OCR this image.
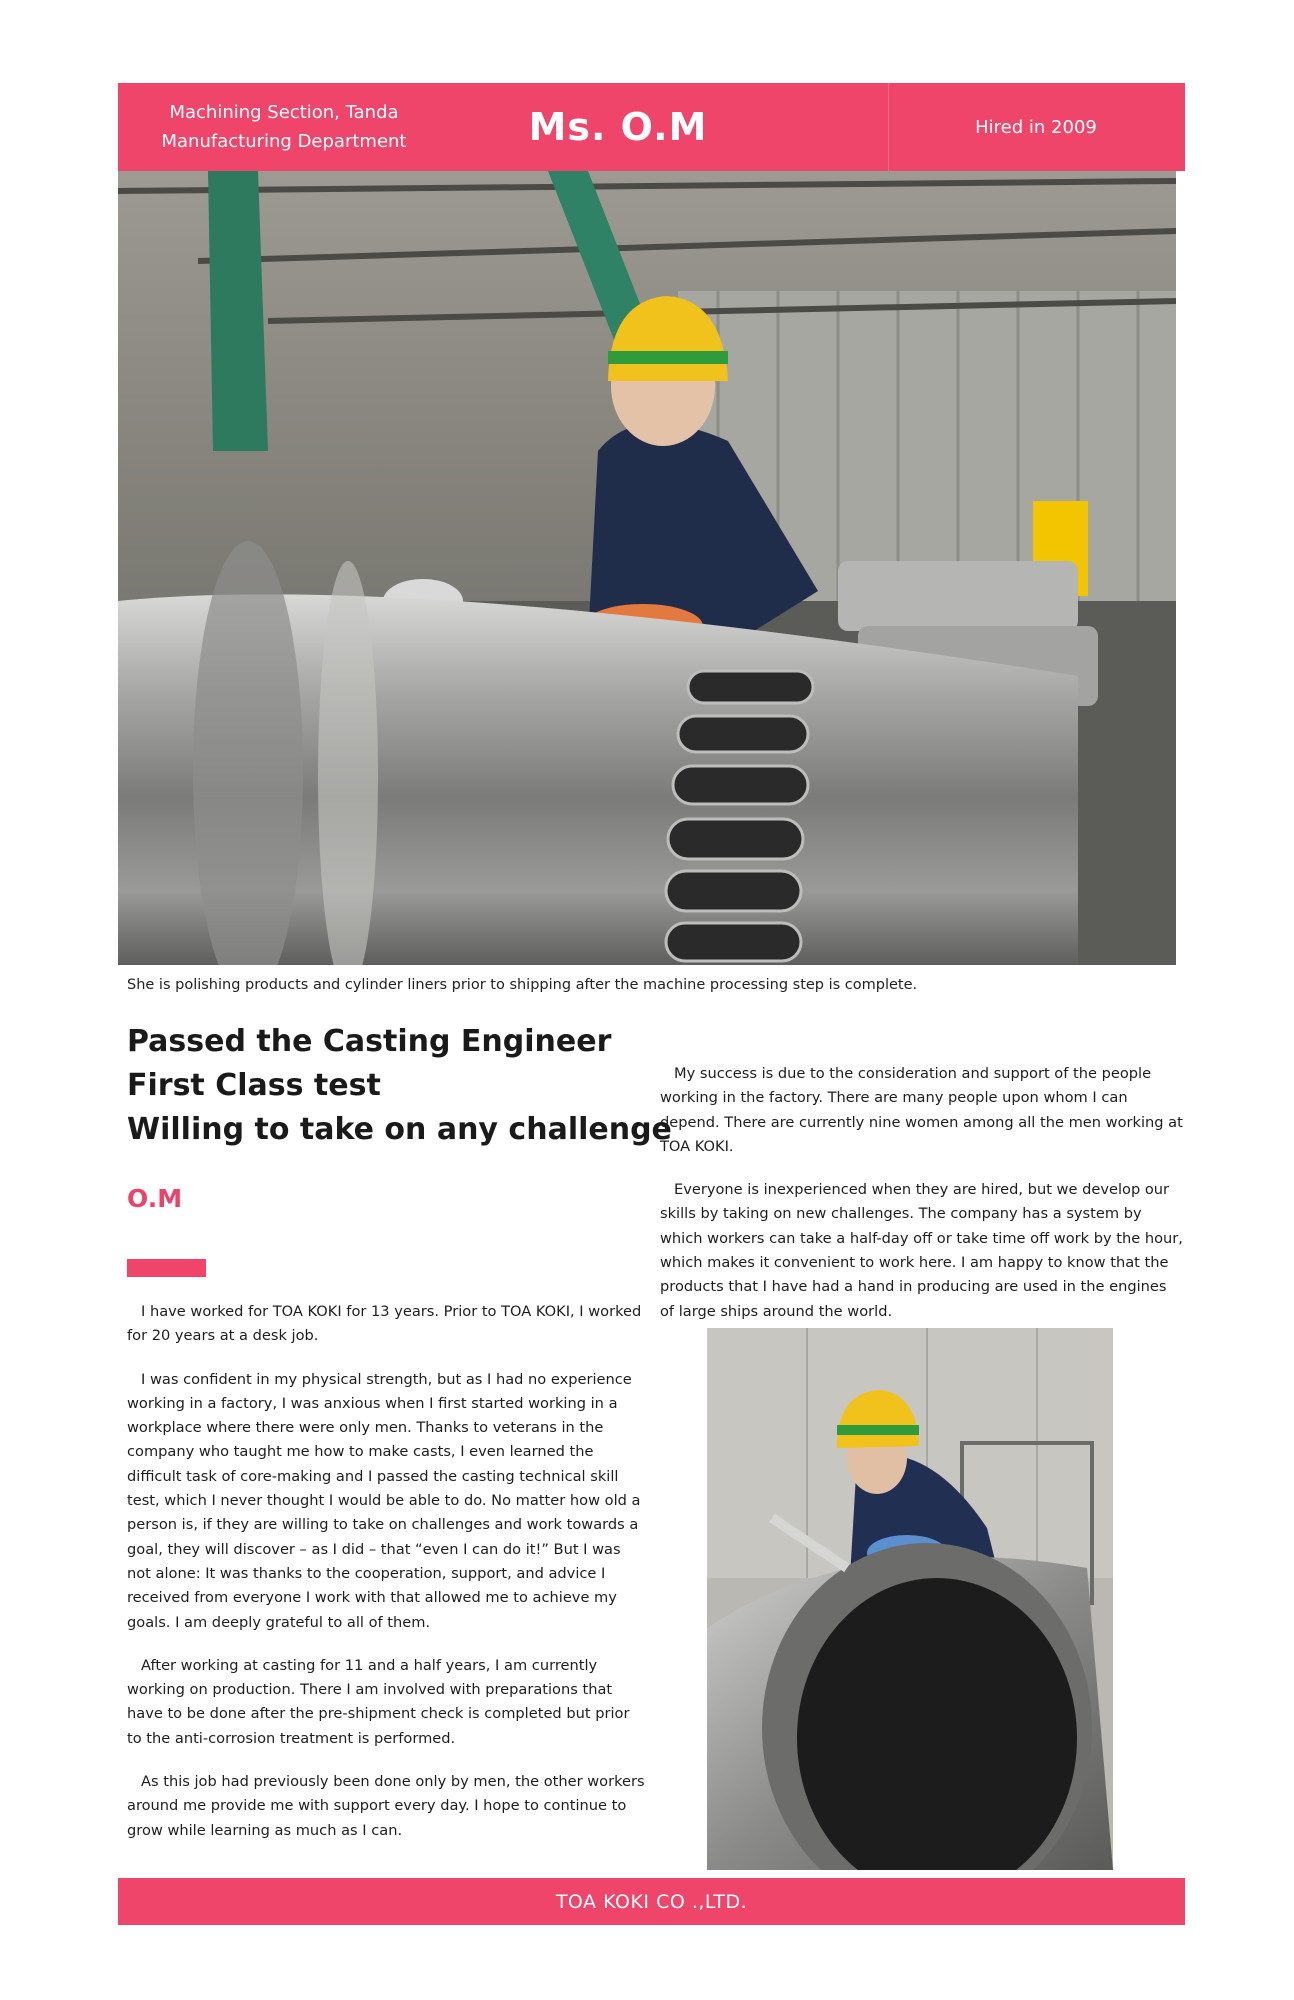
Machining Section, Tanda Manufacturing Department	Ms. O.M	Hired in 2009
She is polishing products and cylinder liners prior to shipping after the machine processing step is complete.
Passed the Casting Engineer
First Class test
Willing to take on any challenge
O.M

I have worked for TOA KOKI for 13 years. Prior to TOA KOKI, I worked for 20 years at a desk job.

I was confident in my physical strength, but as I had no experience working in a factory, I was anxious when I first started working in a workplace where there were only men. Thanks to veterans in the company who taught me how to make casts, I even learned the difficult task of core-making and I passed the casting technical skill test, which I never thought I would be able to do. No matter how old a person is, if they are willing to take on challenges and work towards a goal, they will discover – as I did – that “even I can do it!” But I was not alone: It was thanks to the cooperation, support, and advice I received from everyone I work with that allowed me to achieve my goals. I am deeply grateful to all of them.

After working at casting for 11 and a half years, I am currently working on production. There I am involved with preparations that have to be done after the pre-shipment check is completed but prior to the anti-corrosion treatment is performed.

As this job had previously been done only by men, the other workers around me provide me with support every day. I hope to continue to grow while learning as much as I can.

My success is due to the consideration and support of the people working in the factory. There are many people upon whom I can depend. There are currently nine women among all the men working at TOA KOKI.

Everyone is inexperienced when they are hired, but we develop our skills by taking on new challenges. The company has a system by which workers can take a half-day off or take time off work by the hour, which makes it convenient to work here. I am happy to know that the products that I have had a hand in producing are used in the engines of large ships around the world.

TOA KOKI CO .,LTD.
